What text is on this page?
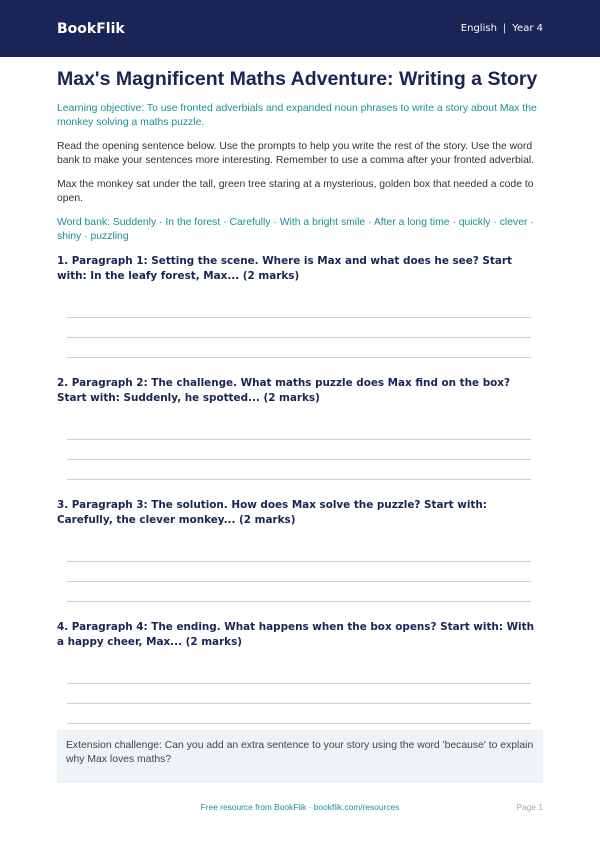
BookFlik	English | Year 4
Max's Magnificent Maths Adventure: Writing a Story

Learning objective: To use fronted adverbials and expanded noun phrases to write a story about Max the monkey solving a maths puzzle.

Read the opening sentence below. Use the prompts to help you write the rest of the story. Use the word bank to make your sentences more interesting. Remember to use a comma after your fronted adverbial.

Max the monkey sat under the tall, green tree staring at a mysterious, golden box that needed a code to open.

Word bank: Suddenly · In the forest · Carefully · With a bright smile · After a long time · quickly · clever · shiny · puzzling

1. Paragraph 1: Setting the scene. Where is Max and what does he see? Start with: In the leafy forest, Max... (2 marks)

2. Paragraph 2: The challenge. What maths puzzle does Max find on the box? Start with: Suddenly, he spotted... (2 marks)

3. Paragraph 3: The solution. How does Max solve the puzzle? Start with: Carefully, the clever monkey... (2 marks)

4. Paragraph 4: The ending. What happens when the box opens? Start with: With a happy cheer, Max... (2 marks)

Extension challenge: Can you add an extra sentence to your story using the word 'because' to explain why Max loves maths?
Free resource from BookFlik · bookflik.com/resources	Page 1
